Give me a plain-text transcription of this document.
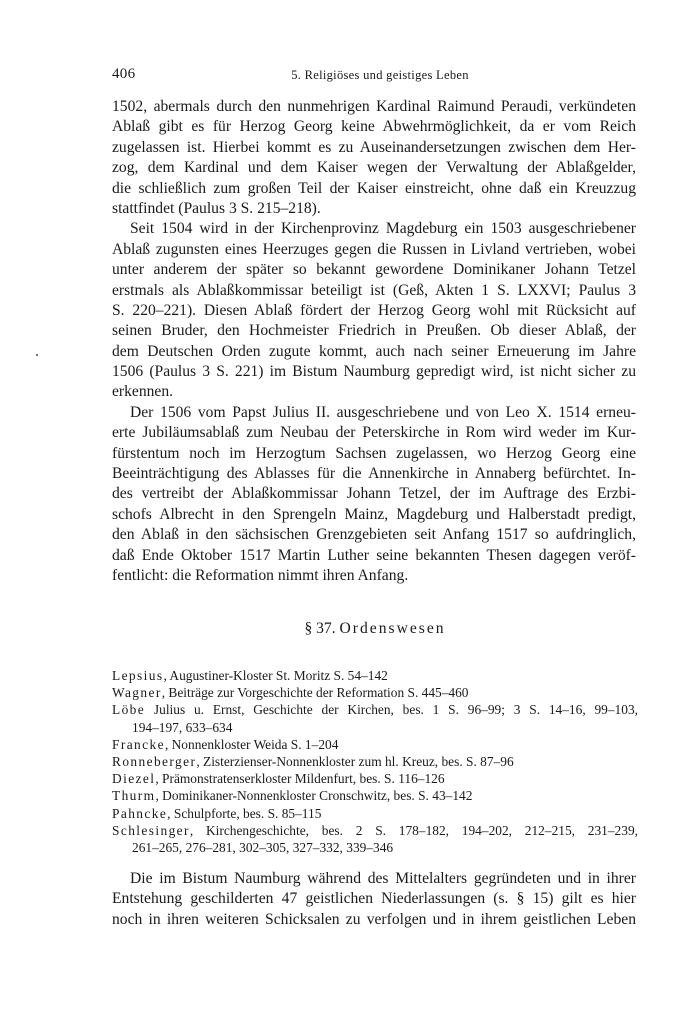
406	5. Religiöses und geistiges Leben
1502, abermals durch den nunmehrigen Kardinal Raimund Peraudi, verkündeten
Ablaß gibt es für Herzog Georg keine Abwehrmöglichkeit, da er vom Reich
zugelassen ist. Hierbei kommt es zu Auseinandersetzungen zwischen dem Her-
zog, dem Kardinal und dem Kaiser wegen der Verwaltung der Ablaßgelder,
die schließlich zum großen Teil der Kaiser einstreicht, ohne daß ein Kreuzzug
stattfindet (Paulus 3 S. 215–218).
Seit 1504 wird in der Kirchenprovinz Magdeburg ein 1503 ausgeschriebener
Ablaß zugunsten eines Heerzuges gegen die Russen in Livland vertrieben, wobei
unter anderem der später so bekannt gewordene Dominikaner Johann Tetzel
erstmals als Ablaßkommissar beteiligt ist (Geß, Akten 1 S. LXXVI; Paulus 3
S. 220–221). Diesen Ablaß fördert der Herzog Georg wohl mit Rücksicht auf
seinen Bruder, den Hochmeister Friedrich in Preußen. Ob dieser Ablaß, der
dem Deutschen Orden zugute kommt, auch nach seiner Erneuerung im Jahre
1506 (Paulus 3 S. 221) im Bistum Naumburg gepredigt wird, ist nicht sicher zu
erkennen.
Der 1506 vom Papst Julius II. ausgeschriebene und von Leo X. 1514 erneu-
erte Jubiläumsablaß zum Neubau der Peterskirche in Rom wird weder im Kur-
fürstentum noch im Herzogtum Sachsen zugelassen, wo Herzog Georg eine
Beeinträchtigung des Ablasses für die Annenkirche in Annaberg befürchtet. In-
des vertreibt der Ablaßkommissar Johann Tetzel, der im Auftrage des Erzbi-
schofs Albrecht in den Sprengeln Mainz, Magdeburg und Halberstadt predigt,
den Ablaß in den sächsischen Grenzgebieten seit Anfang 1517 so aufdringlich,
daß Ende Oktober 1517 Martin Luther seine bekannten Thesen dagegen veröf-
fentlicht: die Reformation nimmt ihren Anfang.
§ 37. Ordenswesen
Lepsius, Augustiner-Kloster St. Moritz S. 54–142
Wagner, Beiträge zur Vorgeschichte der Reformation S. 445–460
Löbe Julius u. Ernst, Geschichte der Kirchen, bes. 1 S. 96–99; 3 S. 14–16, 99–103,
194–197, 633–634
Francke, Nonnenkloster Weida S. 1–204
Ronneberger, Zisterzienser-Nonnenkloster zum hl. Kreuz, bes. S. 87–96
Diezel, Prämonstratenserkloster Mildenfurt, bes. S. 116–126
Thurm, Dominikaner-Nonnenkloster Cronschwitz, bes. S. 43–142
Pahncke, Schulpforte, bes. S. 85–115
Schlesinger, Kirchengeschichte, bes. 2 S. 178–182, 194–202, 212–215, 231–239,
261–265, 276–281, 302–305, 327–332, 339–346
Die im Bistum Naumburg während des Mittelalters gegründeten und in ihrer
Entstehung geschilderten 47 geistlichen Niederlassungen (s. § 15) gilt es hier
noch in ihren weiteren Schicksalen zu verfolgen und in ihrem geistlichen Leben
